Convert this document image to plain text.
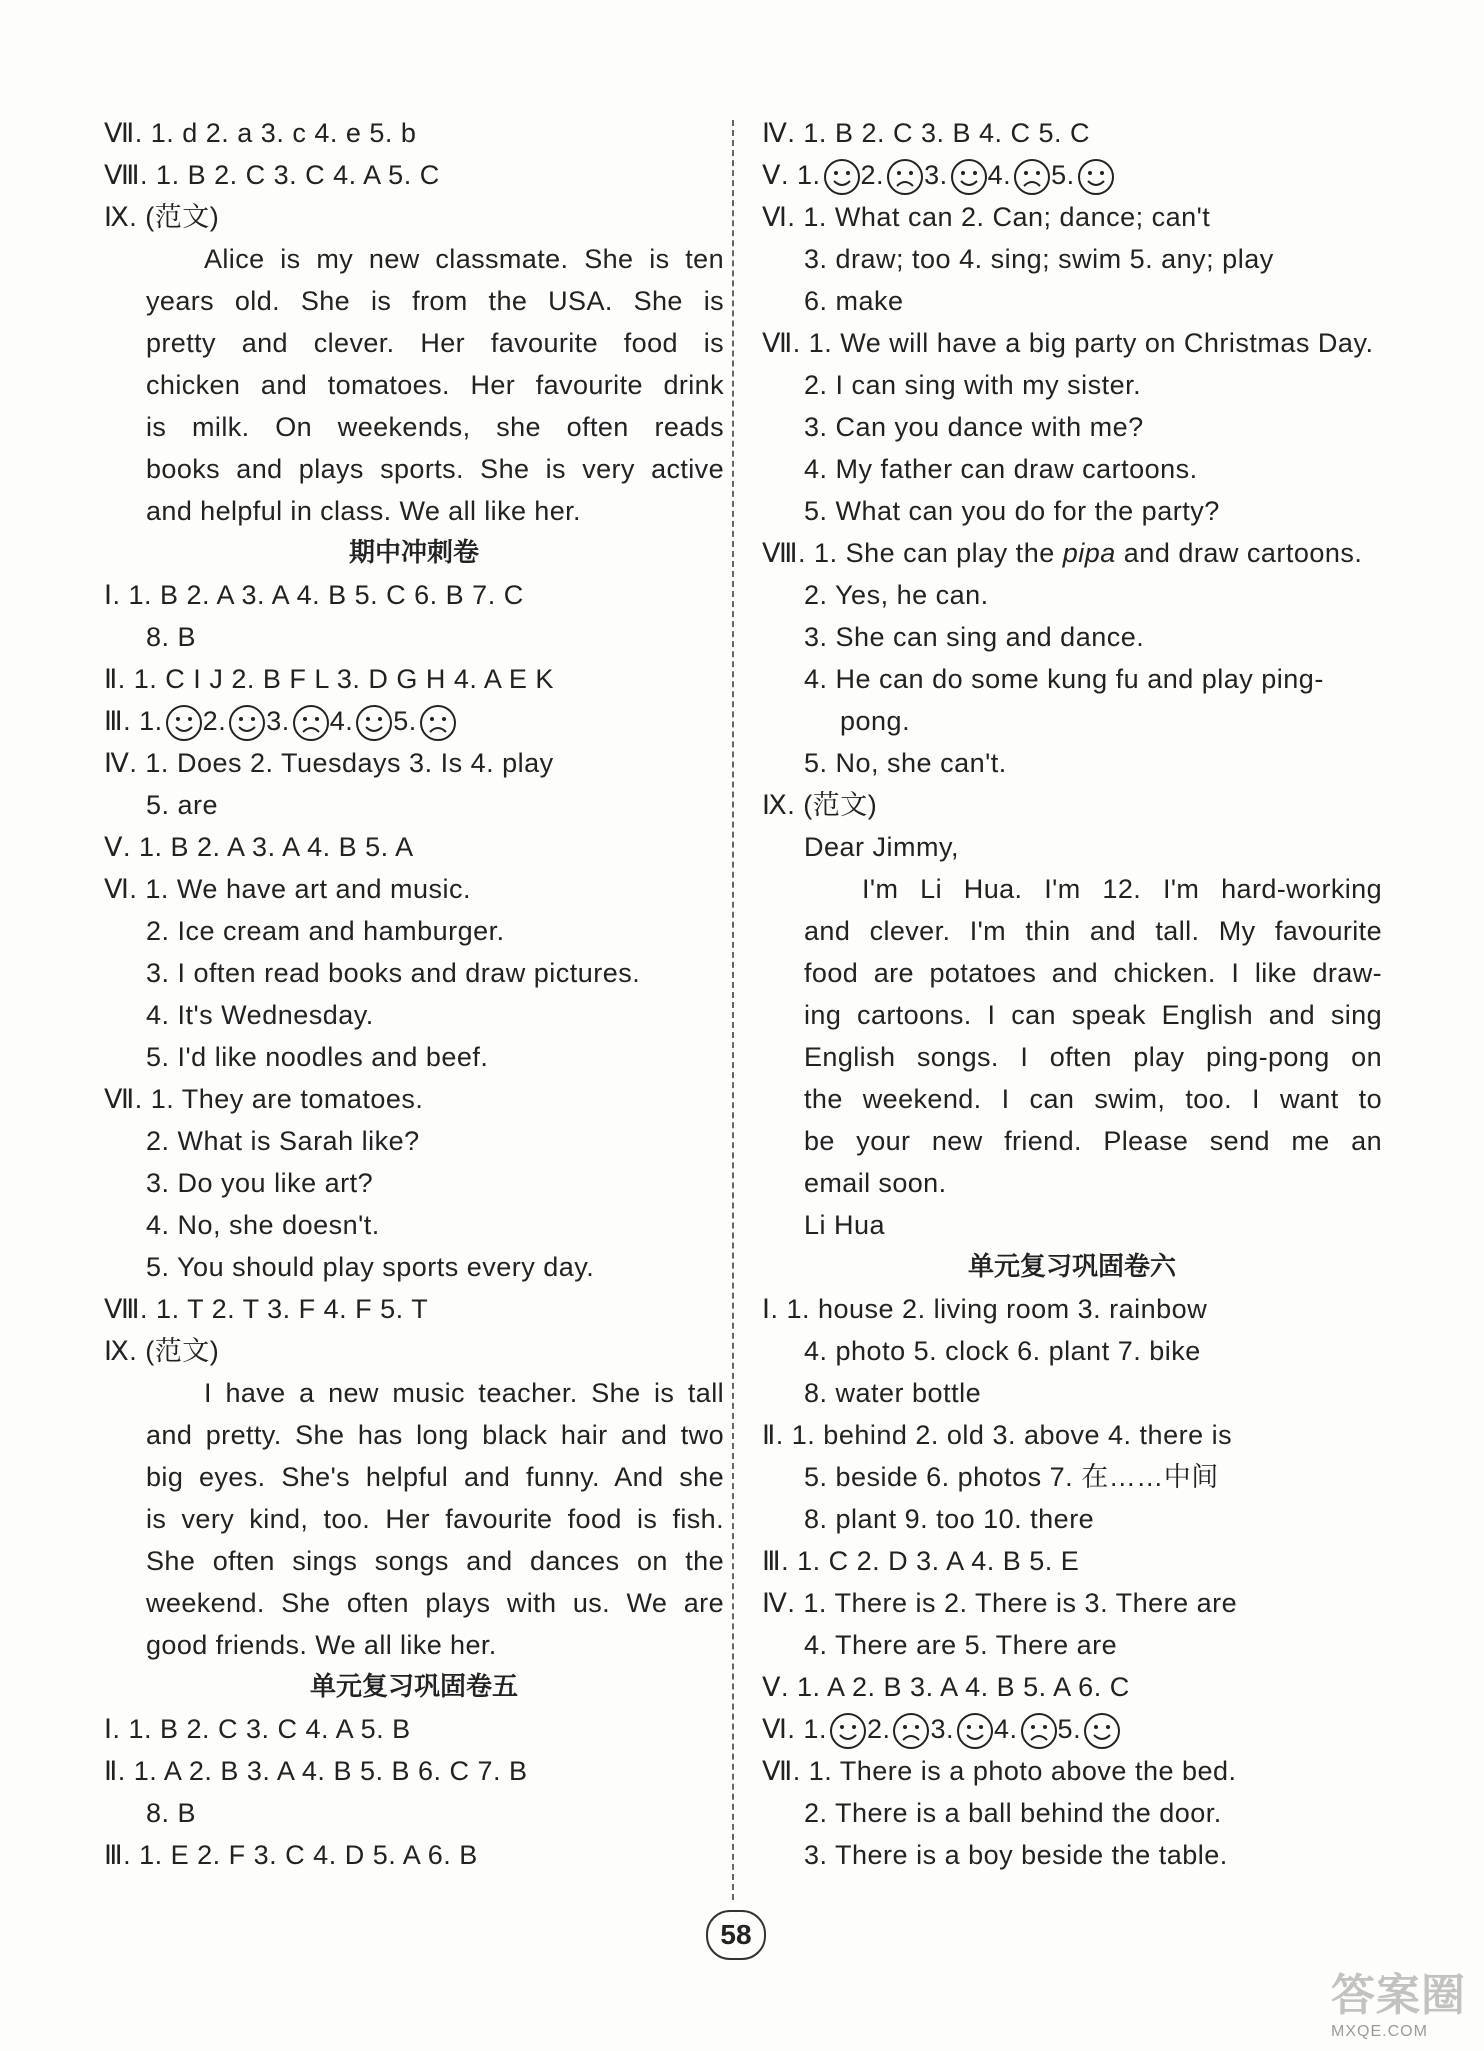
Ⅶ. 1. d 2. a 3. c 4. e 5. b
Ⅷ. 1. B 2. C 3. C 4. A 5. C
Ⅸ. (范文)
Alice is my new classmate. She is ten
years old. She is from the USA. She is
pretty and clever. Her favourite food is
chicken and tomatoes. Her favourite drink
is milk. On weekends, she often reads
books and plays sports. She is very active
and helpful in class. We all like her.
期中冲刺卷
Ⅰ. 1. B 2. A 3. A 4. B 5. C 6. B 7. C
8. B
Ⅱ. 1. C I J 2. B F L 3. D G H 4. A E K
Ⅲ. 1. 2. 3. 4. 5.
Ⅳ. 1. Does 2. Tuesdays 3. Is 4. play
5. are
Ⅴ. 1. B 2. A 3. A 4. B 5. A
Ⅵ. 1. We have art and music.
2. Ice cream and hamburger.
3. I often read books and draw pictures.
4. It's Wednesday.
5. I'd like noodles and beef.
Ⅶ. 1. They are tomatoes.
2. What is Sarah like?
3. Do you like art?
4. No, she doesn't.
5. You should play sports every day.
Ⅷ. 1. T 2. T 3. F 4. F 5. T
Ⅸ. (范文)
I have a new music teacher. She is tall
and pretty. She has long black hair and two
big eyes. She's helpful and funny. And she
is very kind, too. Her favourite food is fish.
She often sings songs and dances on the
weekend. She often plays with us. We are
good friends. We all like her.
单元复习巩固卷五
Ⅰ. 1. B 2. C 3. C 4. A 5. B
Ⅱ. 1. A 2. B 3. A 4. B 5. B 6. C 7. B
8. B
Ⅲ. 1. E 2. F 3. C 4. D 5. A 6. B
Ⅳ. 1. B 2. C 3. B 4. C 5. C
Ⅴ. 1. 2. 3. 4. 5.
Ⅵ. 1. What can 2. Can; dance; can't
3. draw; too 4. sing; swim 5. any; play
6. make
Ⅶ. 1. We will have a big party on Christmas Day.
2. I can sing with my sister.
3. Can you dance with me?
4. My father can draw cartoons.
5. What can you do for the party?
Ⅷ. 1. She can play the pipa and draw cartoons.
2. Yes, he can.
3. She can sing and dance.
4. He can do some kung fu and play ping-
pong.
5. No, she can't.
Ⅸ. (范文)
Dear Jimmy,
I'm Li Hua. I'm 12. I'm hard-working
and clever. I'm thin and tall. My favourite
food are potatoes and chicken. I like draw-
ing cartoons. I can speak English and sing
English songs. I often play ping-pong on
the weekend. I can swim, too. I want to
be your new friend. Please send me an
email soon.
Li Hua
单元复习巩固卷六
Ⅰ. 1. house 2. living room 3. rainbow
4. photo 5. clock 6. plant 7. bike
8. water bottle
Ⅱ. 1. behind 2. old 3. above 4. there is
5. beside 6. photos 7. 在……中间
8. plant 9. too 10. there
Ⅲ. 1. C 2. D 3. A 4. B 5. E
Ⅳ. 1. There is 2. There is 3. There are
4. There are 5. There are
Ⅴ. 1. A 2. B 3. A 4. B 5. A 6. C
Ⅵ. 1. 2. 3. 4. 5.
Ⅶ. 1. There is a photo above the bed.
2. There is a ball behind the door.
3. There is a boy beside the table.
58
答案圈
MXQE.COM
